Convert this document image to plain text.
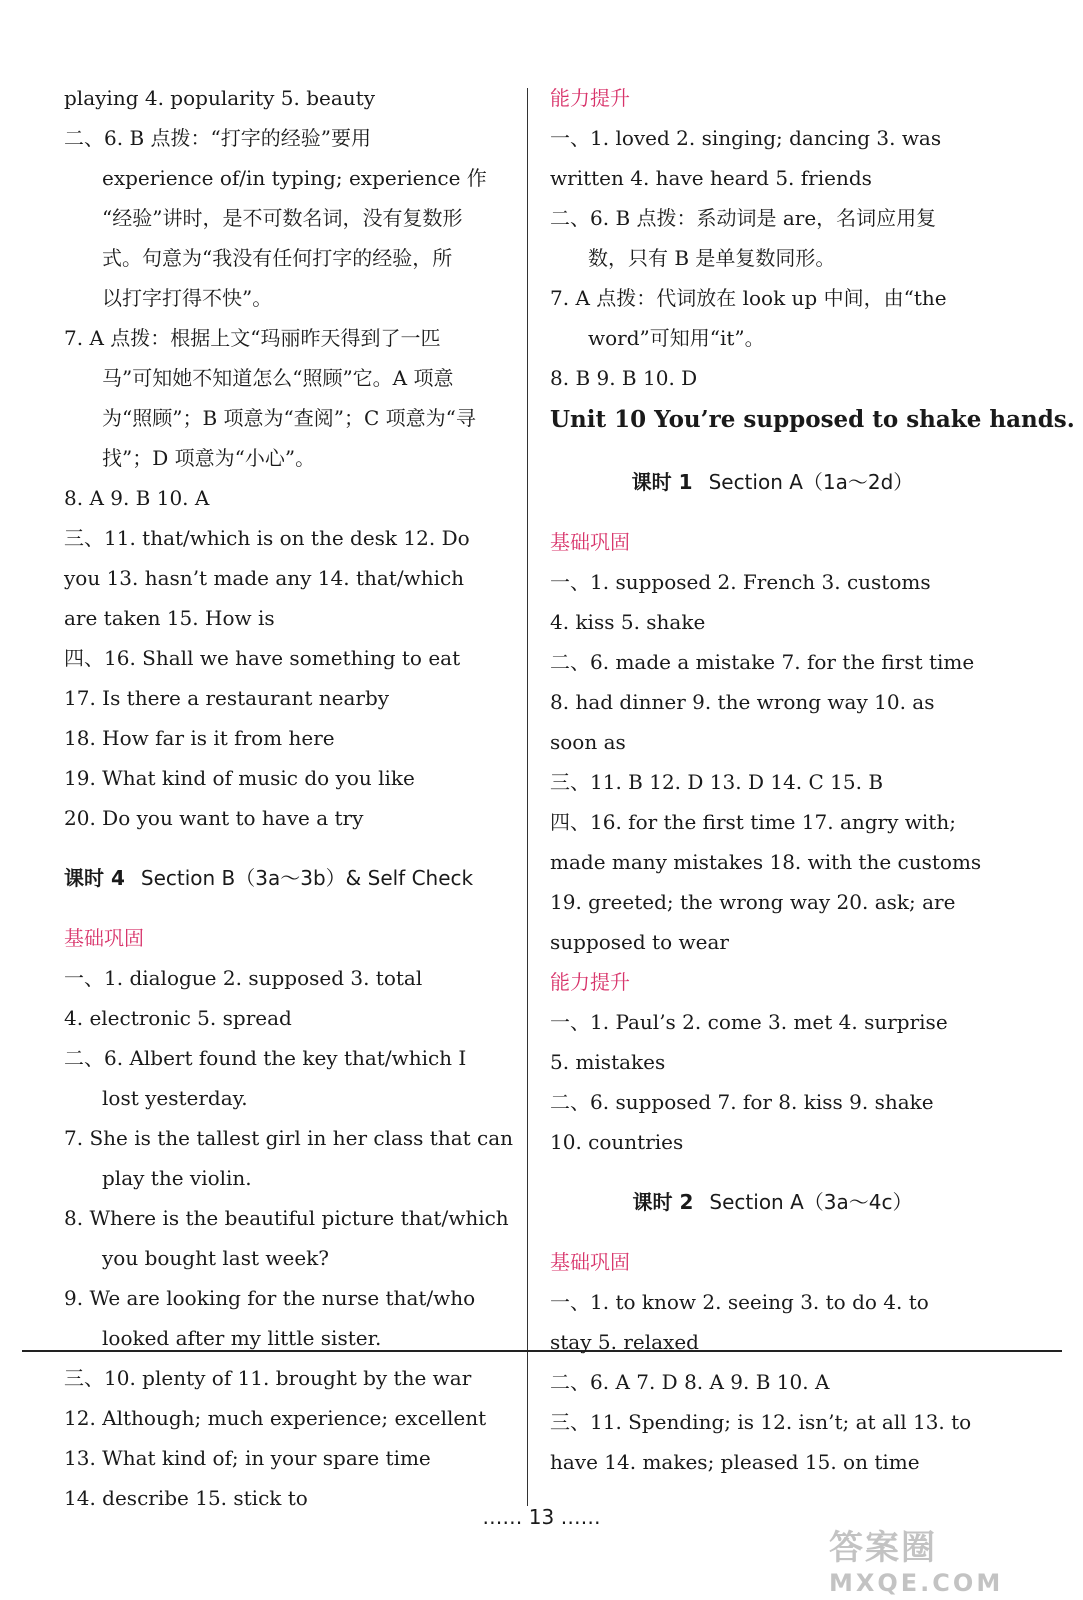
playing 4. popularity 5. beauty
二、6. B 点拨：“打字的经验”要用
experience of/in typing; experience 作
“经验”讲时，是不可数名词，没有复数形
式。句意为“我没有任何打字的经验，所
以打字打得不快”。
7. A 点拨：根据上文“玛丽昨天得到了一匹
马”可知她不知道怎么“照顾”它。A 项意
为“照顾”；B 项意为“查阅”；C 项意为“寻
找”；D 项意为“小心”。
8. A 9. B 10. A
三、11. that/which is on the desk 12. Do
you 13. hasn’t made any 14. that/which
are taken 15. How is
四、16. Shall we have something to eat
17. Is there a restaurant nearby
18. How far is it from here
19. What kind of music do you like
20. Do you want to have a try
课时 4 Section B（3a～3b）& Self Check
基础巩固
一、1. dialogue 2. supposed 3. total
4. electronic 5. spread
二、6. Albert found the key that/which I
lost yesterday.
7. She is the tallest girl in her class that can
play the violin.
8. Where is the beautiful picture that/which
you bought last week?
9. We are looking for the nurse that/who
looked after my little sister.
三、10. plenty of 11. brought by the war
12. Although; much experience; excellent
13. What kind of; in your spare time
14. describe 15. stick to
能力提升
一、1. loved 2. singing; dancing 3. was
written 4. have heard 5. friends
二、6. B 点拨：系动词是 are，名词应用复
数，只有 B 是单复数同形。
7. A 点拨：代词放在 look up 中间，由“the
word”可知用“it”。
8. B 9. B 10. D
Unit 10 You’re supposed to shake hands.
课时 1 Section A（1a～2d）
基础巩固
一、1. supposed 2. French 3. customs
4. kiss 5. shake
二、6. made a mistake 7. for the first time
8. had dinner 9. the wrong way 10. as
soon as
三、11. B 12. D 13. D 14. C 15. B
四、16. for the first time 17. angry with;
made many mistakes 18. with the customs
19. greeted; the wrong way 20. ask; are
supposed to wear
能力提升
一、1. Paul’s 2. come 3. met 4. surprise
5. mistakes
二、6. supposed 7. for 8. kiss 9. shake
10. countries
课时 2 Section A（3a～4c）
基础巩固
一、1. to know 2. seeing 3. to do 4. to
stay 5. relaxed
二、6. A 7. D 8. A 9. B 10. A
三、11. Spending; is 12. isn’t; at all 13. to
have 14. makes; pleased 15. on time
…… 13 ……
答案圈
MXQE.COM
